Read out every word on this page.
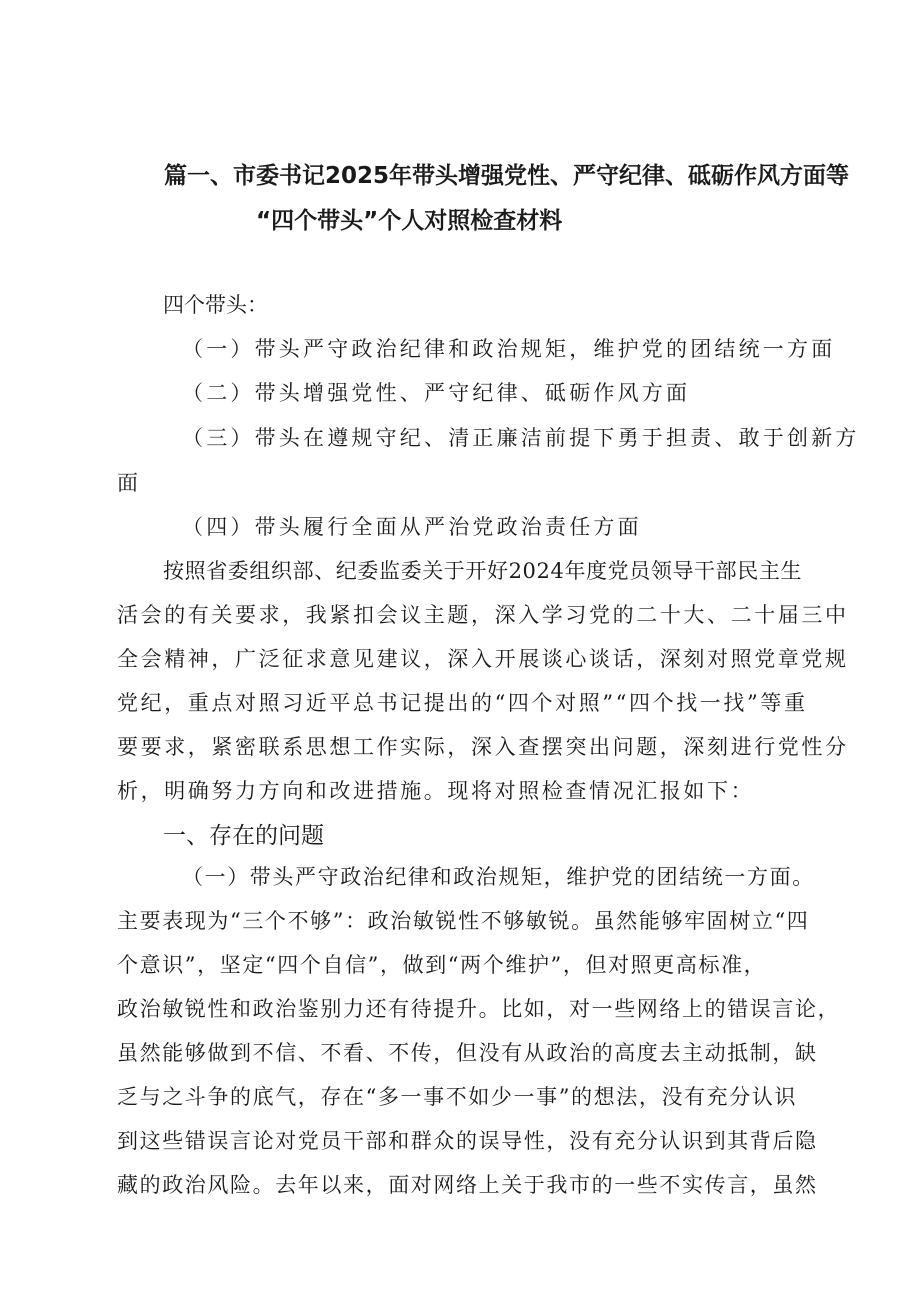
篇一、市委书记2025年带头增强党性、严守纪律、砥砺作风方面等
“四个带头”个人对照检查材料
四个带头：
（一）带头严守政治纪律和政治规矩，维护党的团结统一方面
（二）带头增强党性、严守纪律、砥砺作风方面
（三）带头在遵规守纪、清正廉洁前提下勇于担责、敢于创新方
面
（四）带头履行全面从严治党政治责任方面
按照省委组织部、纪委监委关于开好2024年度党员领导干部民主生
活会的有关要求，我紧扣会议主题，深入学习党的二十大、二十届三中
全会精神，广泛征求意见建议，深入开展谈心谈话，深刻对照党章党规
党纪，重点对照习近平总书记提出的“四个对照”“四个找一找”等重
要要求，紧密联系思想工作实际，深入查摆突出问题，深刻进行党性分
析，明确努力方向和改进措施。现将对照检查情况汇报如下：
一、存在的问题
（一）带头严守政治纪律和政治规矩，维护党的团结统一方面。
主要表现为“三个不够”：政治敏锐性不够敏锐。虽然能够牢固树立“四
个意识”，坚定“四个自信”，做到“两个维护”，但对照更高标准，
政治敏锐性和政治鉴别力还有待提升。比如，对一些网络上的错误言论，
虽然能够做到不信、不看、不传，但没有从政治的高度去主动抵制，缺
乏与之斗争的底气，存在“多一事不如少一事”的想法，没有充分认识
到这些错误言论对党员干部和群众的误导性，没有充分认识到其背后隐
藏的政治风险。去年以来，面对网络上关于我市的一些不实传言，虽然
